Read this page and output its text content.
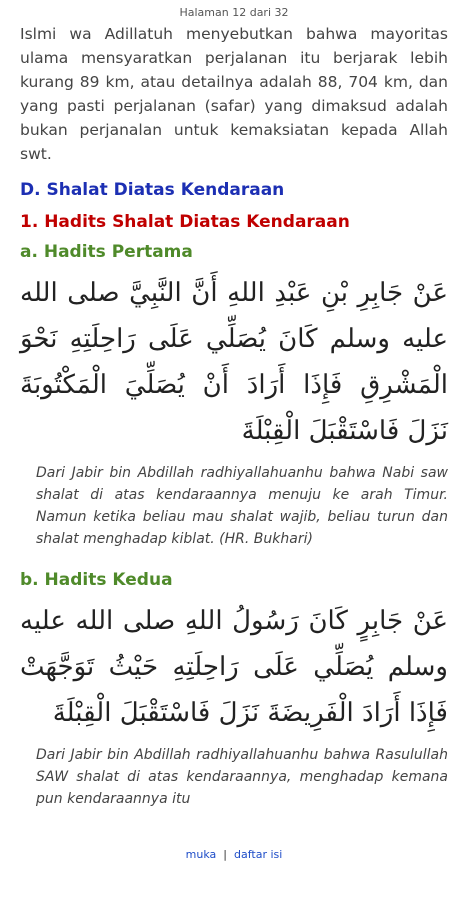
Halaman 12 dari 32

Islmi wa Adillatuh menyebutkan bahwa mayoritas ulama mensyaratkan perjalanan itu berjarak lebih kurang 89 km, atau detailnya adalah 88, 704 km, dan yang pasti perjalanan (safar) yang dimaksud adalah bukan perjanalan untuk kemaksiatan kepada Allah swt.

D. Shalat Diatas Kendaraan
1. Hadits Shalat Diatas Kendaraan
a. Hadits Pertama

عَنْ جَابِرِ بْنِ عَبْدِ اللهِ أَنَّ النَّبِيَّ صلى الله عليه وسلم كَانَ يُصَلِّي عَلَى رَاحِلَتِهِ نَحْوَ الْمَشْرِقِ فَإِذَا أَرَادَ أَنْ يُصَلِّيَ الْمَكْتُوبَةَ نَزَلَ فَاسْتَقْبَلَ الْقِبْلَةَ

Dari Jabir bin Abdillah radhiyallahuanhu bahwa Nabi saw shalat di atas kendaraannya menuju ke arah Timur. Namun ketika beliau mau shalat wajib, beliau turun dan shalat menghadap kiblat. (HR. Bukhari)

b. Hadits Kedua

عَنْ جَابِرٍ كَانَ رَسُولُ اللهِ صلى الله عليه وسلم يُصَلِّي عَلَى رَاحِلَتِهِ حَيْثُ تَوَجَّهَتْ فَإِذَا أَرَادَ الْفَرِيضَةَ نَزَلَ فَاسْتَقْبَلَ الْقِبْلَةَ

Dari Jabir bin Abdillah radhiyallahuanhu bahwa Rasulullah SAW shalat di atas kendaraannya, menghadap kemana pun kendaraannya itu

muka | daftar isi
